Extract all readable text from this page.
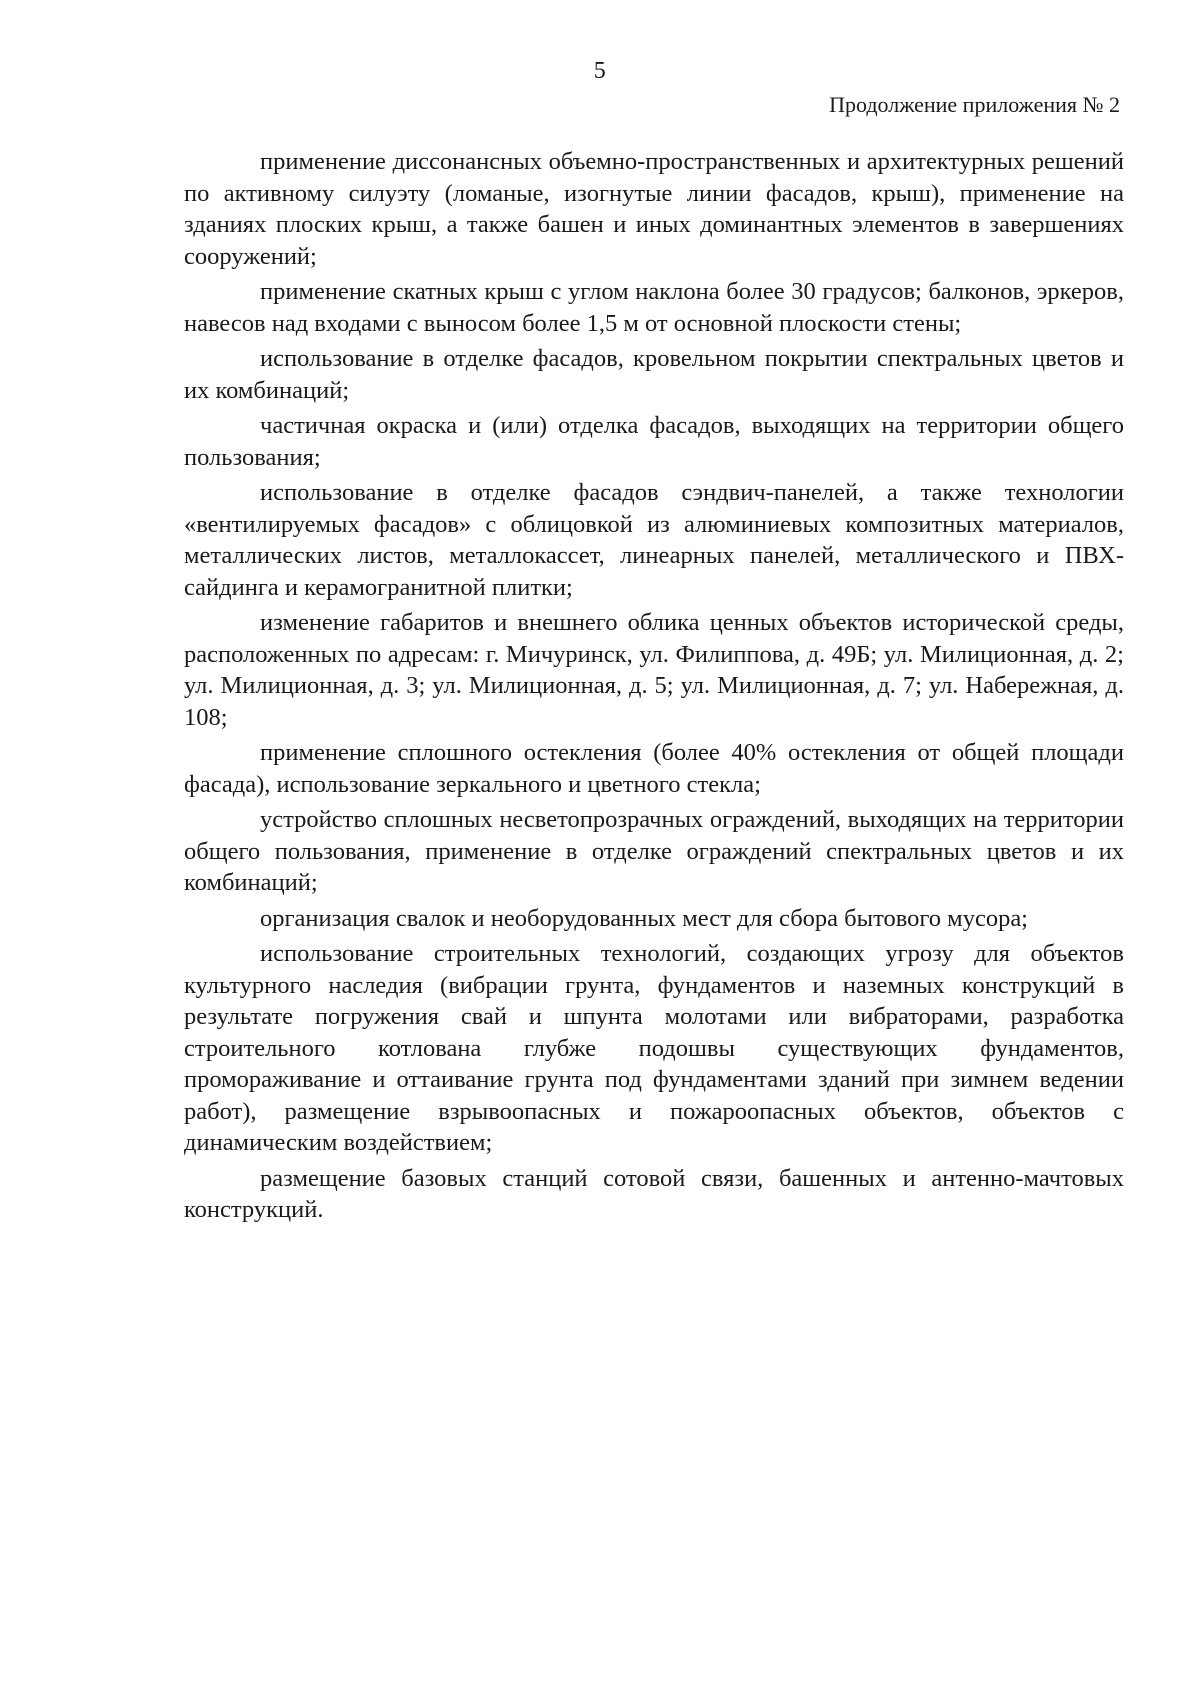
5
Продолжение приложения № 2

применение диссонансных объемно-пространственных и архитектурных решений по активному силуэту (ломаные, изогнутые линии фасадов, крыш), применение на зданиях плоских крыш, а также башен и иных доминантных элементов в завершениях сооружений;

применение скатных крыш с углом наклона более 30 градусов; балконов, эркеров, навесов над входами с выносом более 1,5 м от основной плоскости стены;

использование в отделке фасадов, кровельном покрытии спектральных цветов и их комбинаций;

частичная окраска и (или) отделка фасадов, выходящих на территории общего пользования;

использование в отделке фасадов сэндвич-панелей, а также технологии «вентилируемых фасадов» с облицовкой из алюминиевых композитных материалов, металлических листов, металлокассет, линеарных панелей, металлического и ПВХ-сайдинга и керамогранитной плитки;

изменение габаритов и внешнего облика ценных объектов исторической среды, расположенных по адресам: г. Мичуринск, ул. Филиппова, д. 49Б; ул. Милиционная, д. 2; ул. Милиционная, д. 3; ул. Милиционная, д. 5; ул. Милиционная, д. 7; ул. Набережная, д. 108;

применение сплошного остекления (более 40% остекления от общей площади фасада), использование зеркального и цветного стекла;

устройство сплошных несветопрозрачных ограждений, выходящих на территории общего пользования, применение в отделке ограждений спектральных цветов и их комбинаций;

организация свалок и необорудованных мест для сбора бытового мусора;

использование строительных технологий, создающих угрозу для объектов культурного наследия (вибрации грунта, фундаментов и наземных конструкций в результате погружения свай и шпунта молотами или вибраторами, разработка строительного котлована глубже подошвы существующих фундаментов, промораживание и оттаивание грунта под фундаментами зданий при зимнем ведении работ), размещение взрывоопасных и пожароопасных объектов, объектов с динамическим воздействием;

размещение базовых станций сотовой связи, башенных и антенно-мачтовых конструкций.
